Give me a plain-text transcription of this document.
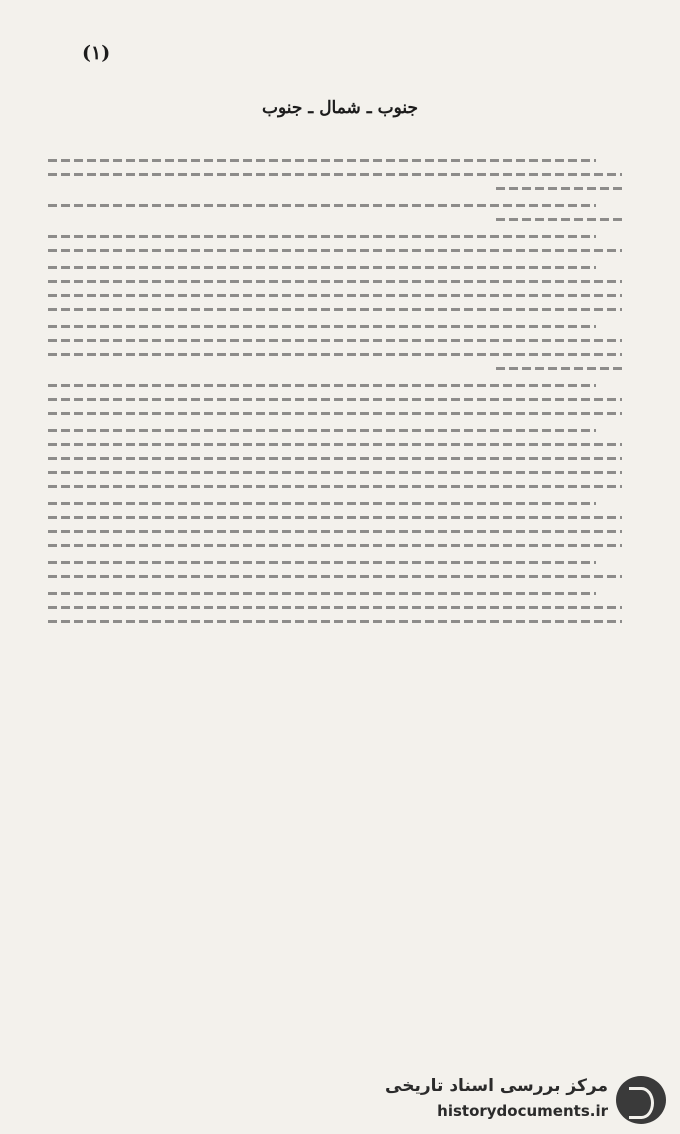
(۱)
جنوب ـ شمال ـ جنوب
مرکز بررسی اسناد تاریخی
historydocuments.ir
